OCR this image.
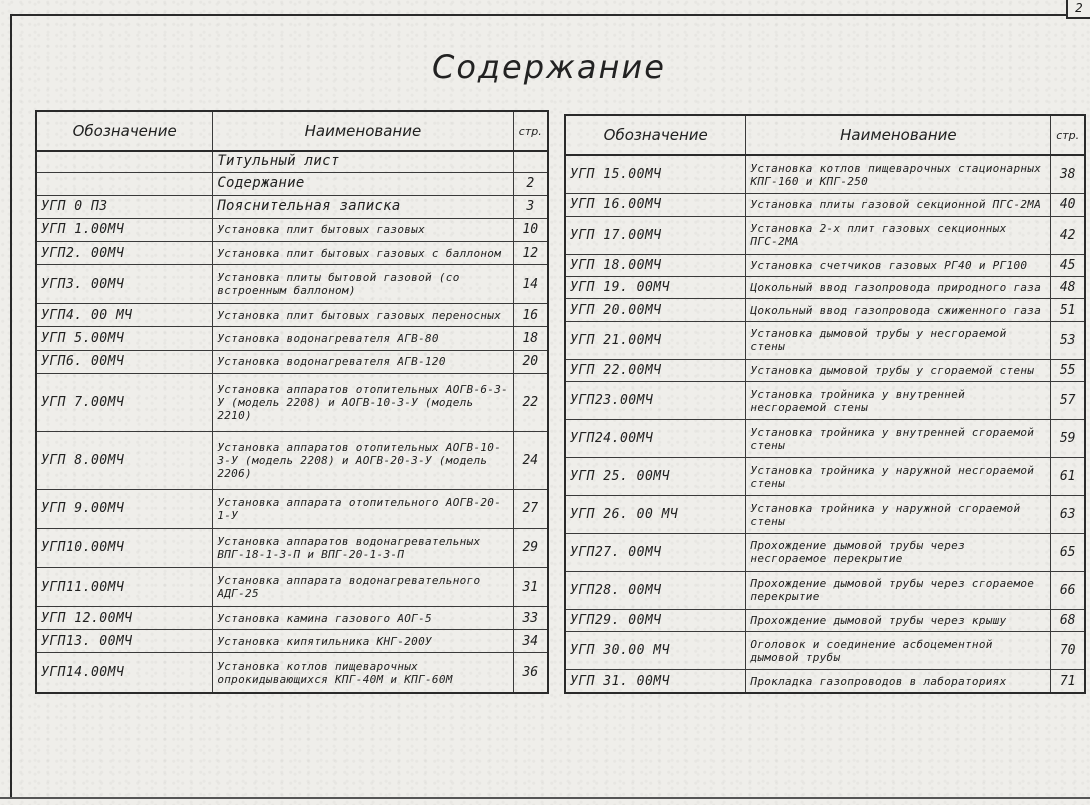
2
Содержание
Обозначение	Наименование	стр.
	Титульный лист	
	Содержание	2
УГП 0 ПЗ	Пояснительная записка	3
УГП 1.00МЧ	Установка плит бытовых газовых	10
УГП2. 00МЧ	Установка плит бытовых газовых с баллоном	12
УГП3. 00МЧ	Установка плиты бытовой газовой (со встроенным баллоном)	14
УГП4. 00 МЧ	Установка плит бытовых газовых переносных	16
УГП 5.00МЧ	Установка водонагревателя АГВ-80	18
УГП6. 00МЧ	Установка водонагревателя АГВ-120	20
УГП 7.00МЧ	Установка аппаратов отопительных АОГВ-6-3-У (модель 2208) и АОГВ-10-3-У (модель 2210)	22
УГП 8.00МЧ	Установка аппаратов отопительных АОГВ-10-3-У (модель 2208) и АОГВ-20-3-У (модель 2206)	24
УГП 9.00МЧ	Установка аппарата отопительного АОГВ-20-1-У	27
УГП10.00МЧ	Установка аппаратов водонагревательных ВПГ-18-1-3-П и ВПГ-20-1-3-П	29
УГП11.00МЧ	Установка аппарата водонагревательного АДГ-25	31
УГП 12.00МЧ	Установка камина газового АОГ-5	33
УГП13. 00МЧ	Установка кипятильника КНГ-200У	34
УГП14.00МЧ	Установка котлов пищеварочных опрокидывающихся КПГ-40М и КПГ-60М	36
Обозначение	Наименование	стр.
УГП 15.00МЧ	Установка котлов пищеварочных стационарных КПГ-160 и КПГ-250	38
УГП 16.00МЧ	Установка плиты газовой секционной ПГС-2МА	40
УГП 17.00МЧ	Установка 2-х плит газовых секционных ПГС-2МА	42
УГП 18.00МЧ	Установка счетчиков газовых РГ40 и РГ100	45
УГП 19. 00МЧ	Цокольный ввод газопровода природного газа	48
УГП 20.00МЧ	Цокольный ввод газопровода сжиженного газа	51
УГП 21.00МЧ	Установка дымовой трубы у несгораемой стены	53
УГП 22.00МЧ	Установка дымовой трубы у сгораемой стены	55
УГП23.00МЧ	Установка тройника у внутренней несгораемой стены	57
УГП24.00МЧ	Установка тройника у внутренней сгораемой стены	59
УГП 25. 00МЧ	Установка тройника у наружной несгораемой стены	61
УГП 26. 00 МЧ	Установка тройника у наружной сгораемой стены	63
УГП27. 00МЧ	Прохождение дымовой трубы через несгораемое перекрытие	65
УГП28. 00МЧ	Прохождение дымовой трубы через сгораемое перекрытие	66
УГП29. 00МЧ	Прохождение дымовой трубы через крышу	68
УГП 30.00 МЧ	Оголовок и соединение асбоцементной дымовой трубы	70
УГП 31. 00МЧ	Прокладка газопроводов в лабораториях	71
